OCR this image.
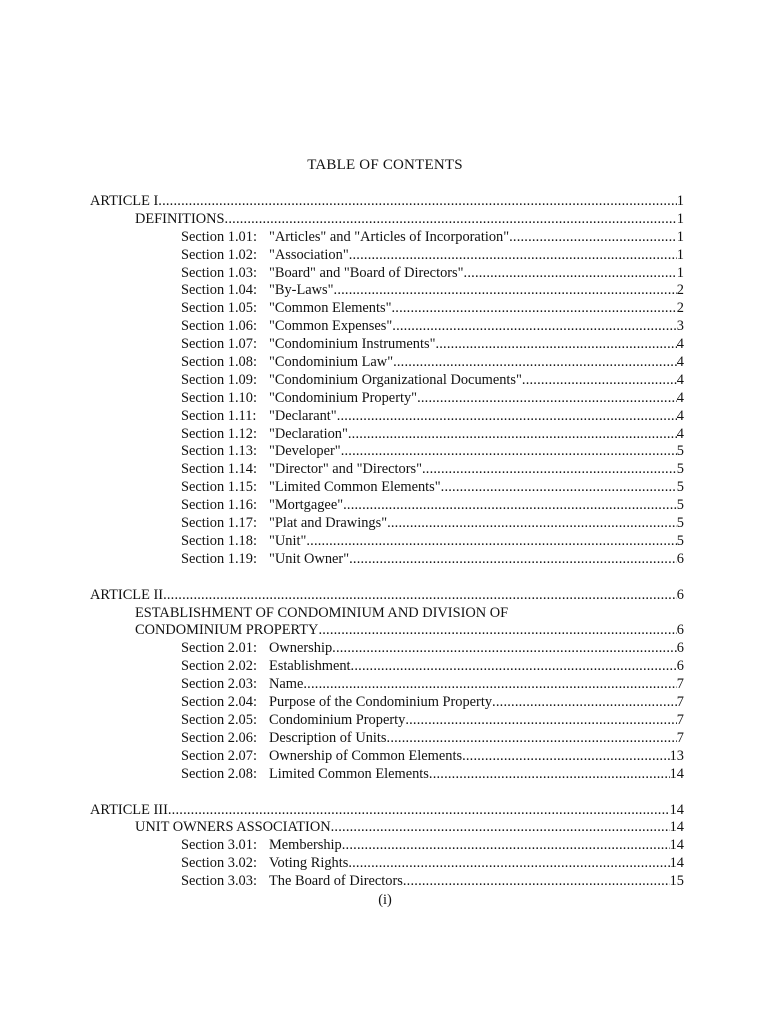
TABLE OF CONTENTS
ARTICLE I .....	1
DEFINITIONS .....	1
Section 1.01: "Articles" and "Articles of Incorporation" .....	1
Section 1.02: "Association" .....	1
Section 1.03: "Board" and "Board of Directors" .....	1
Section 1.04: "By-Laws" .....	2
Section 1.05: "Common Elements" .....	2
Section 1.06: "Common Expenses" .....	3
Section 1.07: "Condominium Instruments" .....	4
Section 1.08: "Condominium Law" .....	4
Section 1.09: "Condominium Organizational Documents" .....	4
Section 1.10: "Condominium Property" .....	4
Section 1.11: "Declarant" .....	4
Section 1.12: "Declaration" .....	4
Section 1.13: "Developer" .....	5
Section 1.14: "Director" and "Directors" .....	5
Section 1.15: "Limited Common Elements" .....	5
Section 1.16: "Mortgagee" .....	5
Section 1.17: "Plat and Drawings" .....	5
Section 1.18: "Unit" .....	5
Section 1.19: "Unit Owner" .....	6
ARTICLE II .....	6
ESTABLISHMENT OF CONDOMINIUM AND DIVISION OF
CONDOMINIUM PROPERTY .....	6
Section 2.01: Ownership .....	6
Section 2.02: Establishment .....	6
Section 2.03: Name .....	7
Section 2.04: Purpose of the Condominium Property .....	7
Section 2.05: Condominium Property .....	7
Section 2.06: Description of Units .....	7
Section 2.07: Ownership of Common Elements .....	13
Section 2.08: Limited Common Elements .....	14
ARTICLE III .....	14
UNIT OWNERS ASSOCIATION .....	14
Section 3.01: Membership .....	14
Section 3.02: Voting Rights .....	14
Section 3.03: The Board of Directors .....	15
(i)
